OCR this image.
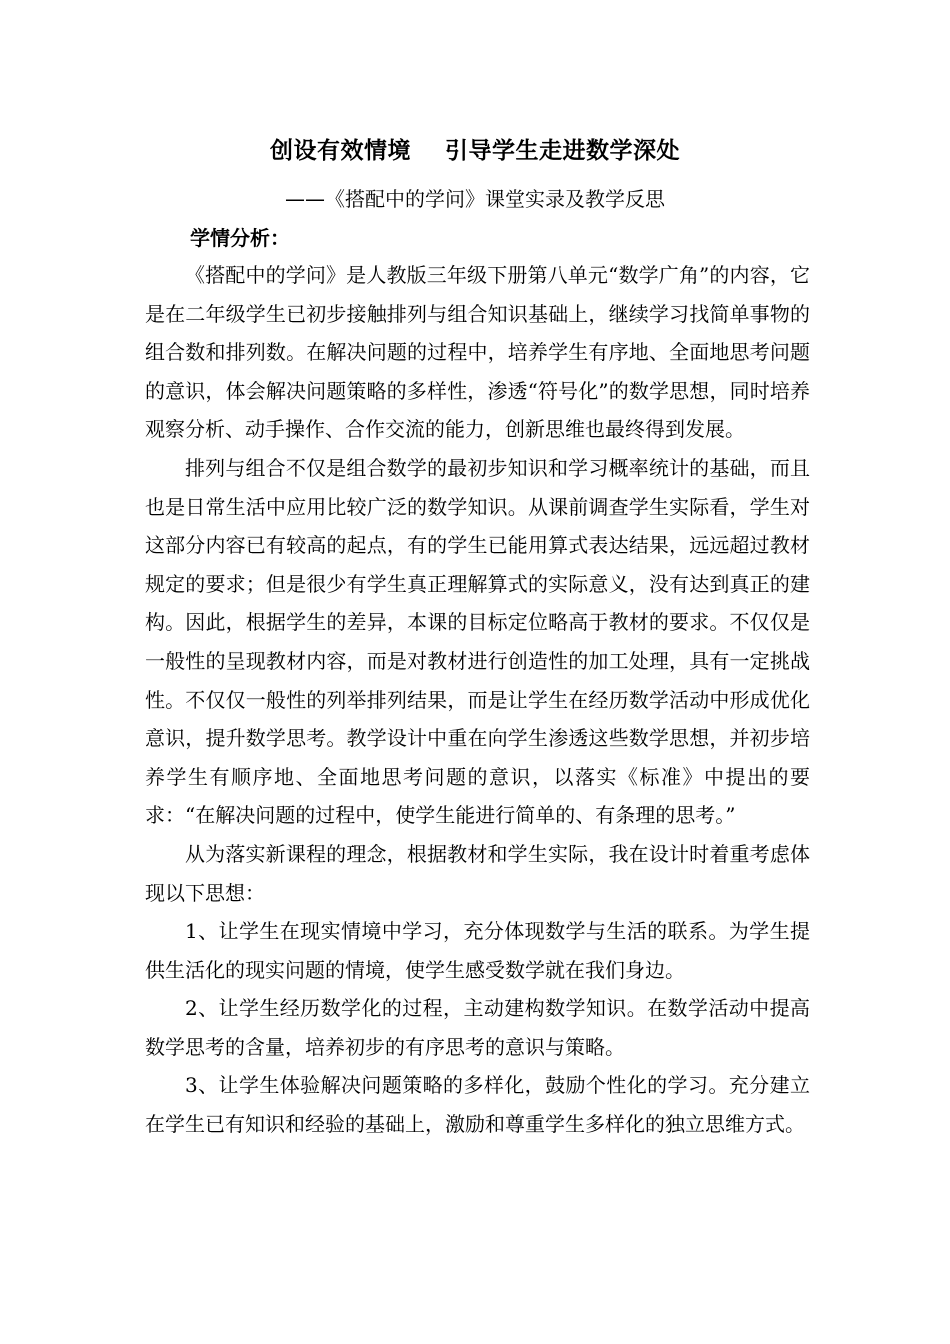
创设有效情境    引导学生走进数学深处
——《搭配中的学问》课堂实录及教学反思
学情分析：

《搭配中的学问》是人教版三年级下册第八单元“数学广角”的内容，它是在二年级学生已初步接触排列与组合知识基础上，继续学习找简单事物的组合数和排列数。在解决问题的过程中，培养学生有序地、全面地思考问题的意识，体会解决问题策略的多样性，渗透“符号化”的数学思想，同时培养观察分析、动手操作、合作交流的能力，创新思维也最终得到发展。

排列与组合不仅是组合数学的最初步知识和学习概率统计的基础，而且也是日常生活中应用比较广泛的数学知识。从课前调查学生实际看，学生对这部分内容已有较高的起点，有的学生已能用算式表达结果，远远超过教材规定的要求；但是很少有学生真正理解算式的实际意义，没有达到真正的建构。因此，根据学生的差异，本课的目标定位略高于教材的要求。不仅仅是一般性的呈现教材内容，而是对教材进行创造性的加工处理，具有一定挑战性。不仅仅一般性的列举排列结果，而是让学生在经历数学活动中形成优化意识，提升数学思考。教学设计中重在向学生渗透这些数学思想，并初步培养学生有顺序地、全面地思考问题的意识，以落实《标准》中提出的要求：“在解决问题的过程中，使学生能进行简单的、有条理的思考。”

从为落实新课程的理念，根据教材和学生实际，我在设计时着重考虑体现以下思想：

1、让学生在现实情境中学习，充分体现数学与生活的联系。为学生提供生活化的现实问题的情境，使学生感受数学就在我们身边。

2、让学生经历数学化的过程，主动建构数学知识。在数学活动中提高数学思考的含量，培养初步的有序思考的意识与策略。

3、让学生体验解决问题策略的多样化，鼓励个性化的学习。充分建立在学生已有知识和经验的基础上，激励和尊重学生多样化的独立思维方式。
